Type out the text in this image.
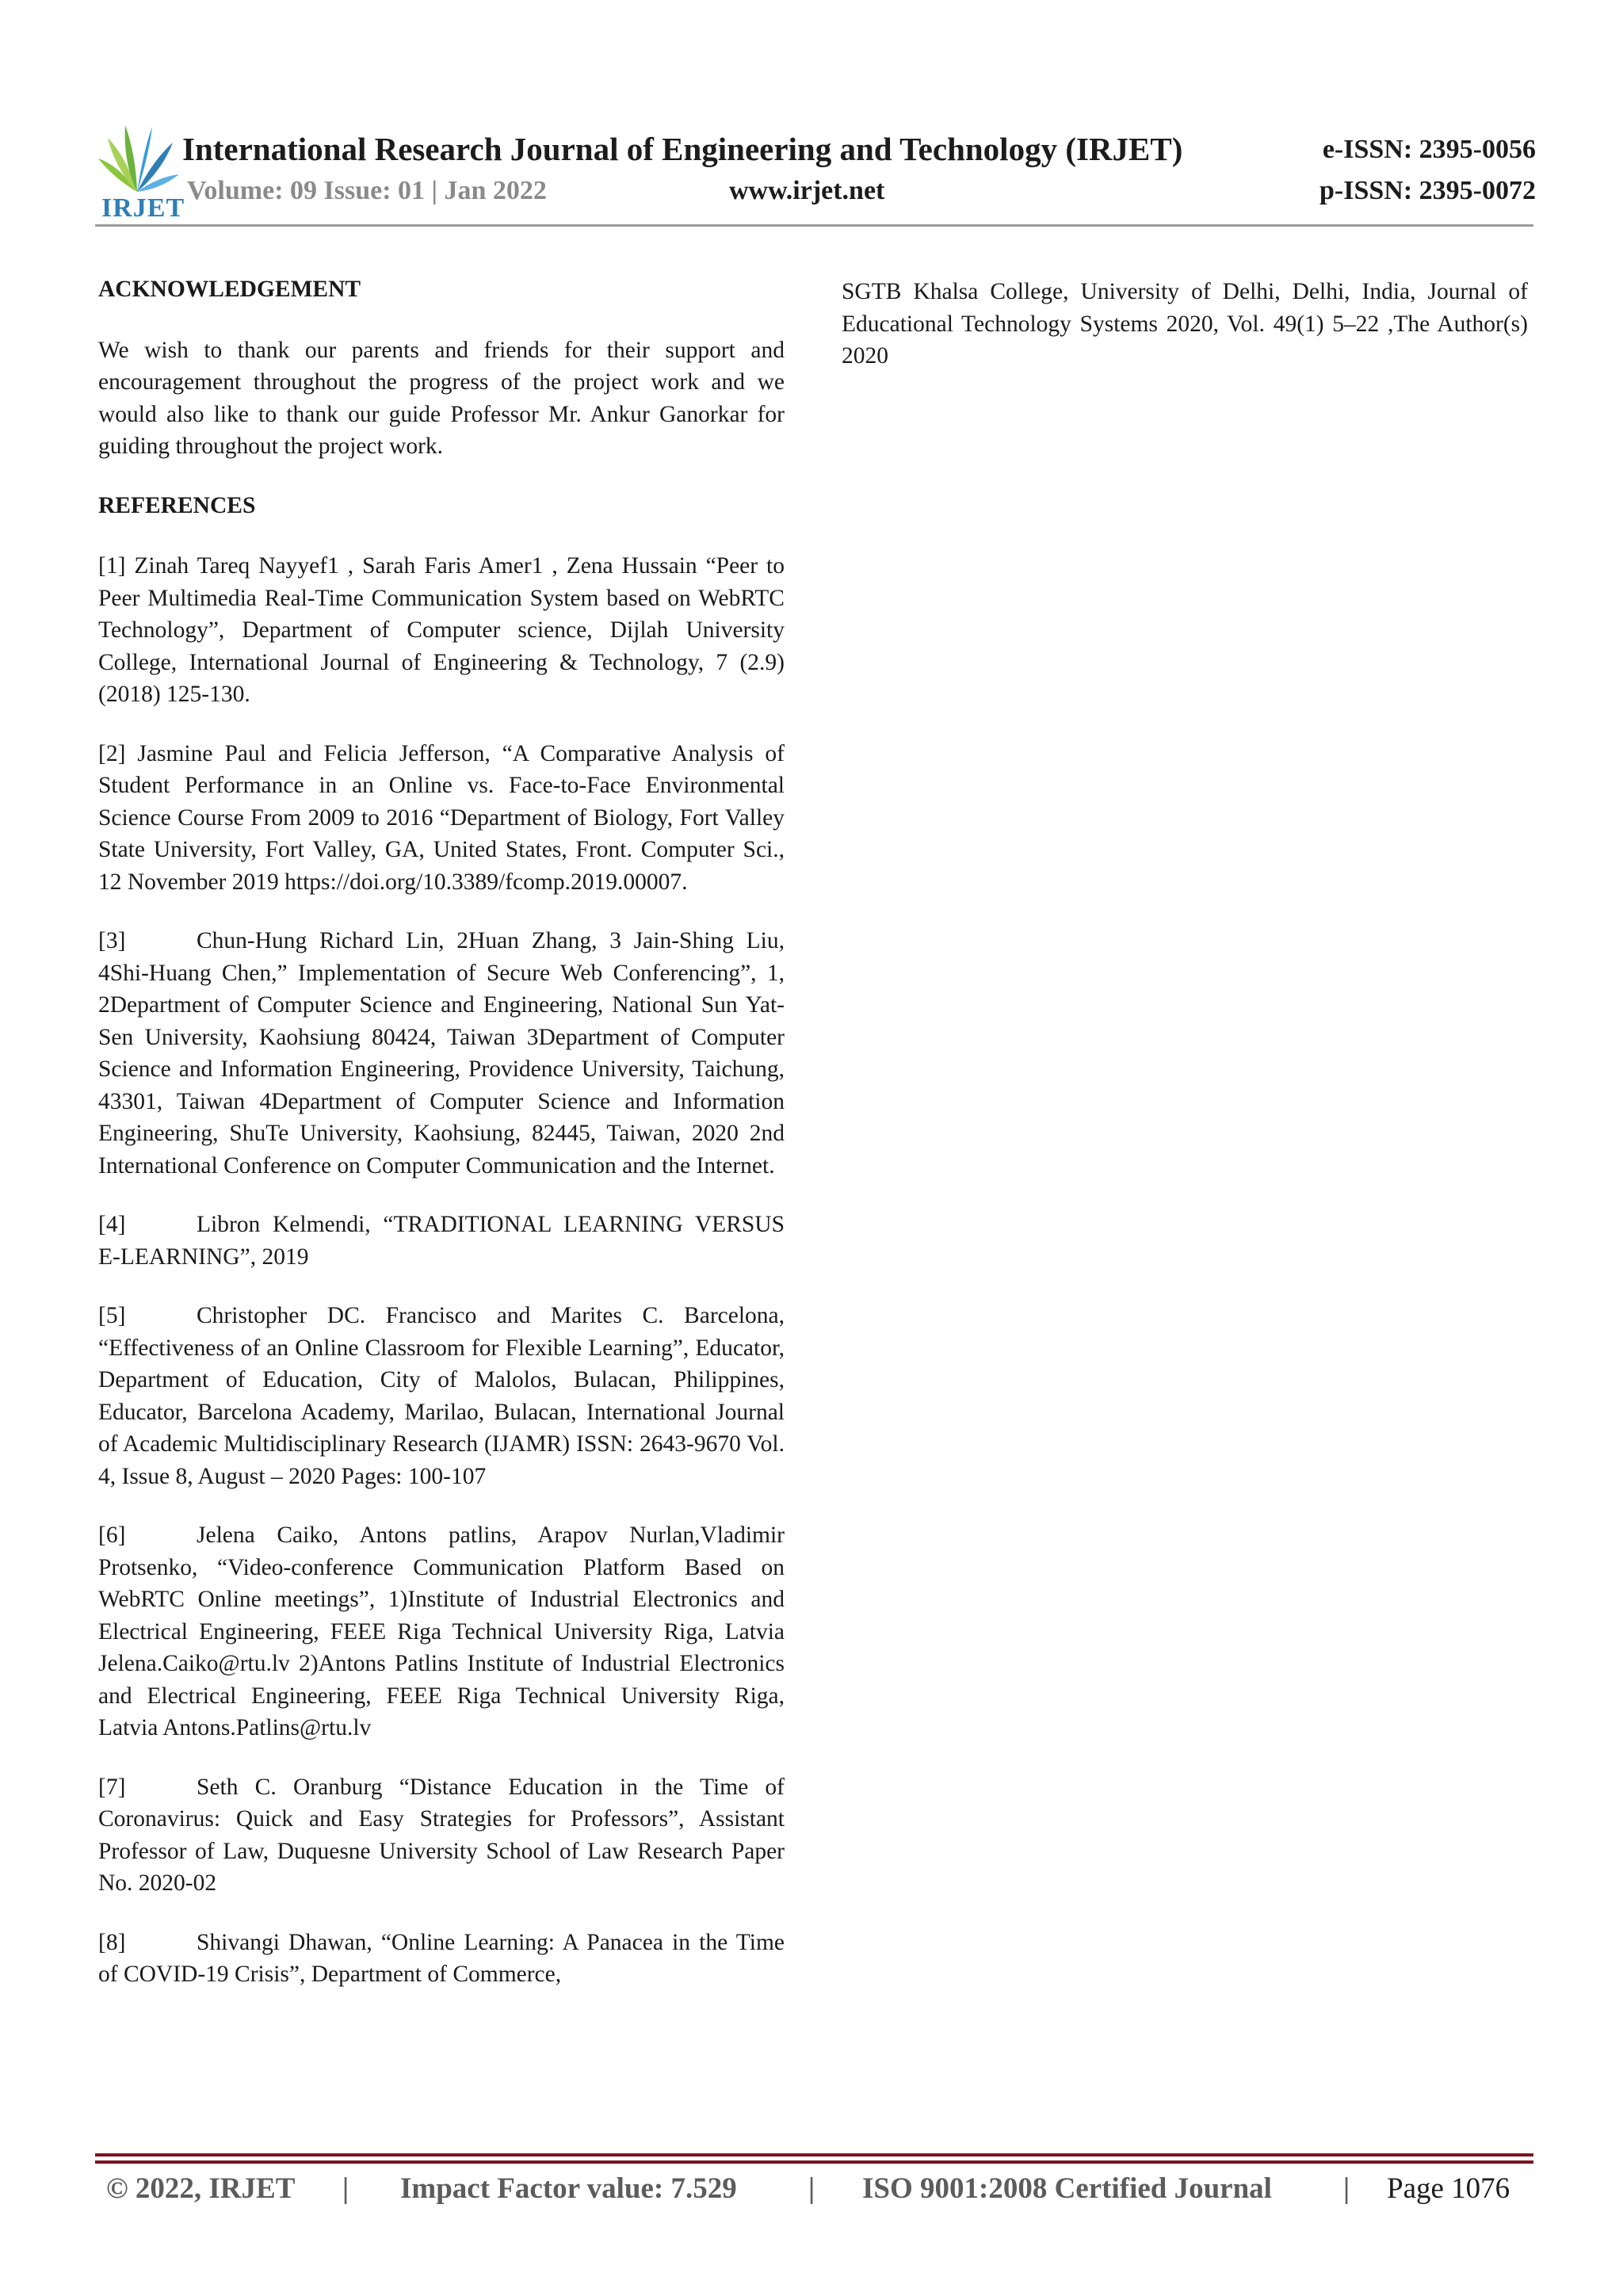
IRJET
International Research Journal of Engineering and Technology (IRJET)
Volume: 09 Issue: 01 | Jan 2022	www.irjet.net
e-ISSN: 2395-0056
p-ISSN: 2395-0072
ACKNOWLEDGEMENT

We wish to thank our parents and friends for their support and encouragement throughout the progress of the project work and we would also like to thank our guide Professor Mr. Ankur Ganorkar for guiding throughout the project work.

REFERENCES

[1] Zinah Tareq Nayyef1 , Sarah Faris Amer1 , Zena Hussain “Peer to Peer Multimedia Real-Time Communication System based on WebRTC Technology”, Department of Computer science, Dijlah University College, International Journal of Engineering & Technology, 7 (2.9) (2018) 125-130.

[2] Jasmine Paul and Felicia Jefferson, “A Comparative Analysis of Student Performance in an Online vs. Face-to-Face Environmental Science Course From 2009 to 2016 “Department of Biology, Fort Valley State University, Fort Valley, GA, United States, Front. Computer Sci., 12 November 2019 https://doi.org/10.3389/fcomp.2019.00007.

[3]	Chun-Hung Richard Lin, 2Huan Zhang, 3 Jain-Shing Liu, 4Shi-Huang Chen,” Implementation of Secure Web Conferencing”, 1, 2Department of Computer Science and Engineering, National Sun Yat-Sen University, Kaohsiung 80424, Taiwan 3Department of Computer Science and Information Engineering, Providence University, Taichung, 43301, Taiwan 4Department of Computer Science and Information Engineering, ShuTe University, Kaohsiung, 82445, Taiwan, 2020 2nd International Conference on Computer Communication and the Internet.

[4]	Libron Kelmendi, “TRADITIONAL LEARNING VERSUS E-LEARNING”, 2019

[5]	Christopher DC. Francisco and Marites C. Barcelona, “Effectiveness of an Online Classroom for Flexible Learning”, Educator, Department of Education, City of Malolos, Bulacan, Philippines, Educator, Barcelona Academy, Marilao, Bulacan, International Journal of Academic Multidisciplinary Research (IJAMR) ISSN: 2643-9670 Vol. 4, Issue 8, August – 2020 Pages: 100-107

[6]	Jelena Caiko, Antons patlins, Arapov Nurlan,Vladimir Protsenko, “Video-conference Communication Platform Based on WebRTC Online meetings”, 1)Institute of Industrial Electronics and Electrical Engineering, FEEE Riga Technical University Riga, Latvia Jelena.Caiko@rtu.lv 2)Antons Patlins Institute of Industrial Electronics and Electrical Engineering, FEEE Riga Technical University Riga, Latvia Antons.Patlins@rtu.lv

[7]	Seth C. Oranburg “Distance Education in the Time of Coronavirus: Quick and Easy Strategies for Professors”, Assistant Professor of Law, Duquesne University School of Law Research Paper No. 2020-02

[8]	Shivangi Dhawan, “Online Learning: A Panacea in the Time of COVID-19 Crisis”, Department of Commerce,

SGTB Khalsa College, University of Delhi, Delhi, India, Journal of Educational Technology Systems 2020, Vol. 49(1) 5–22 ,The Author(s) 2020

© 2022, IRJET | Impact Factor value: 7.529 | ISO 9001:2008 Certified Journal | Page 1076
